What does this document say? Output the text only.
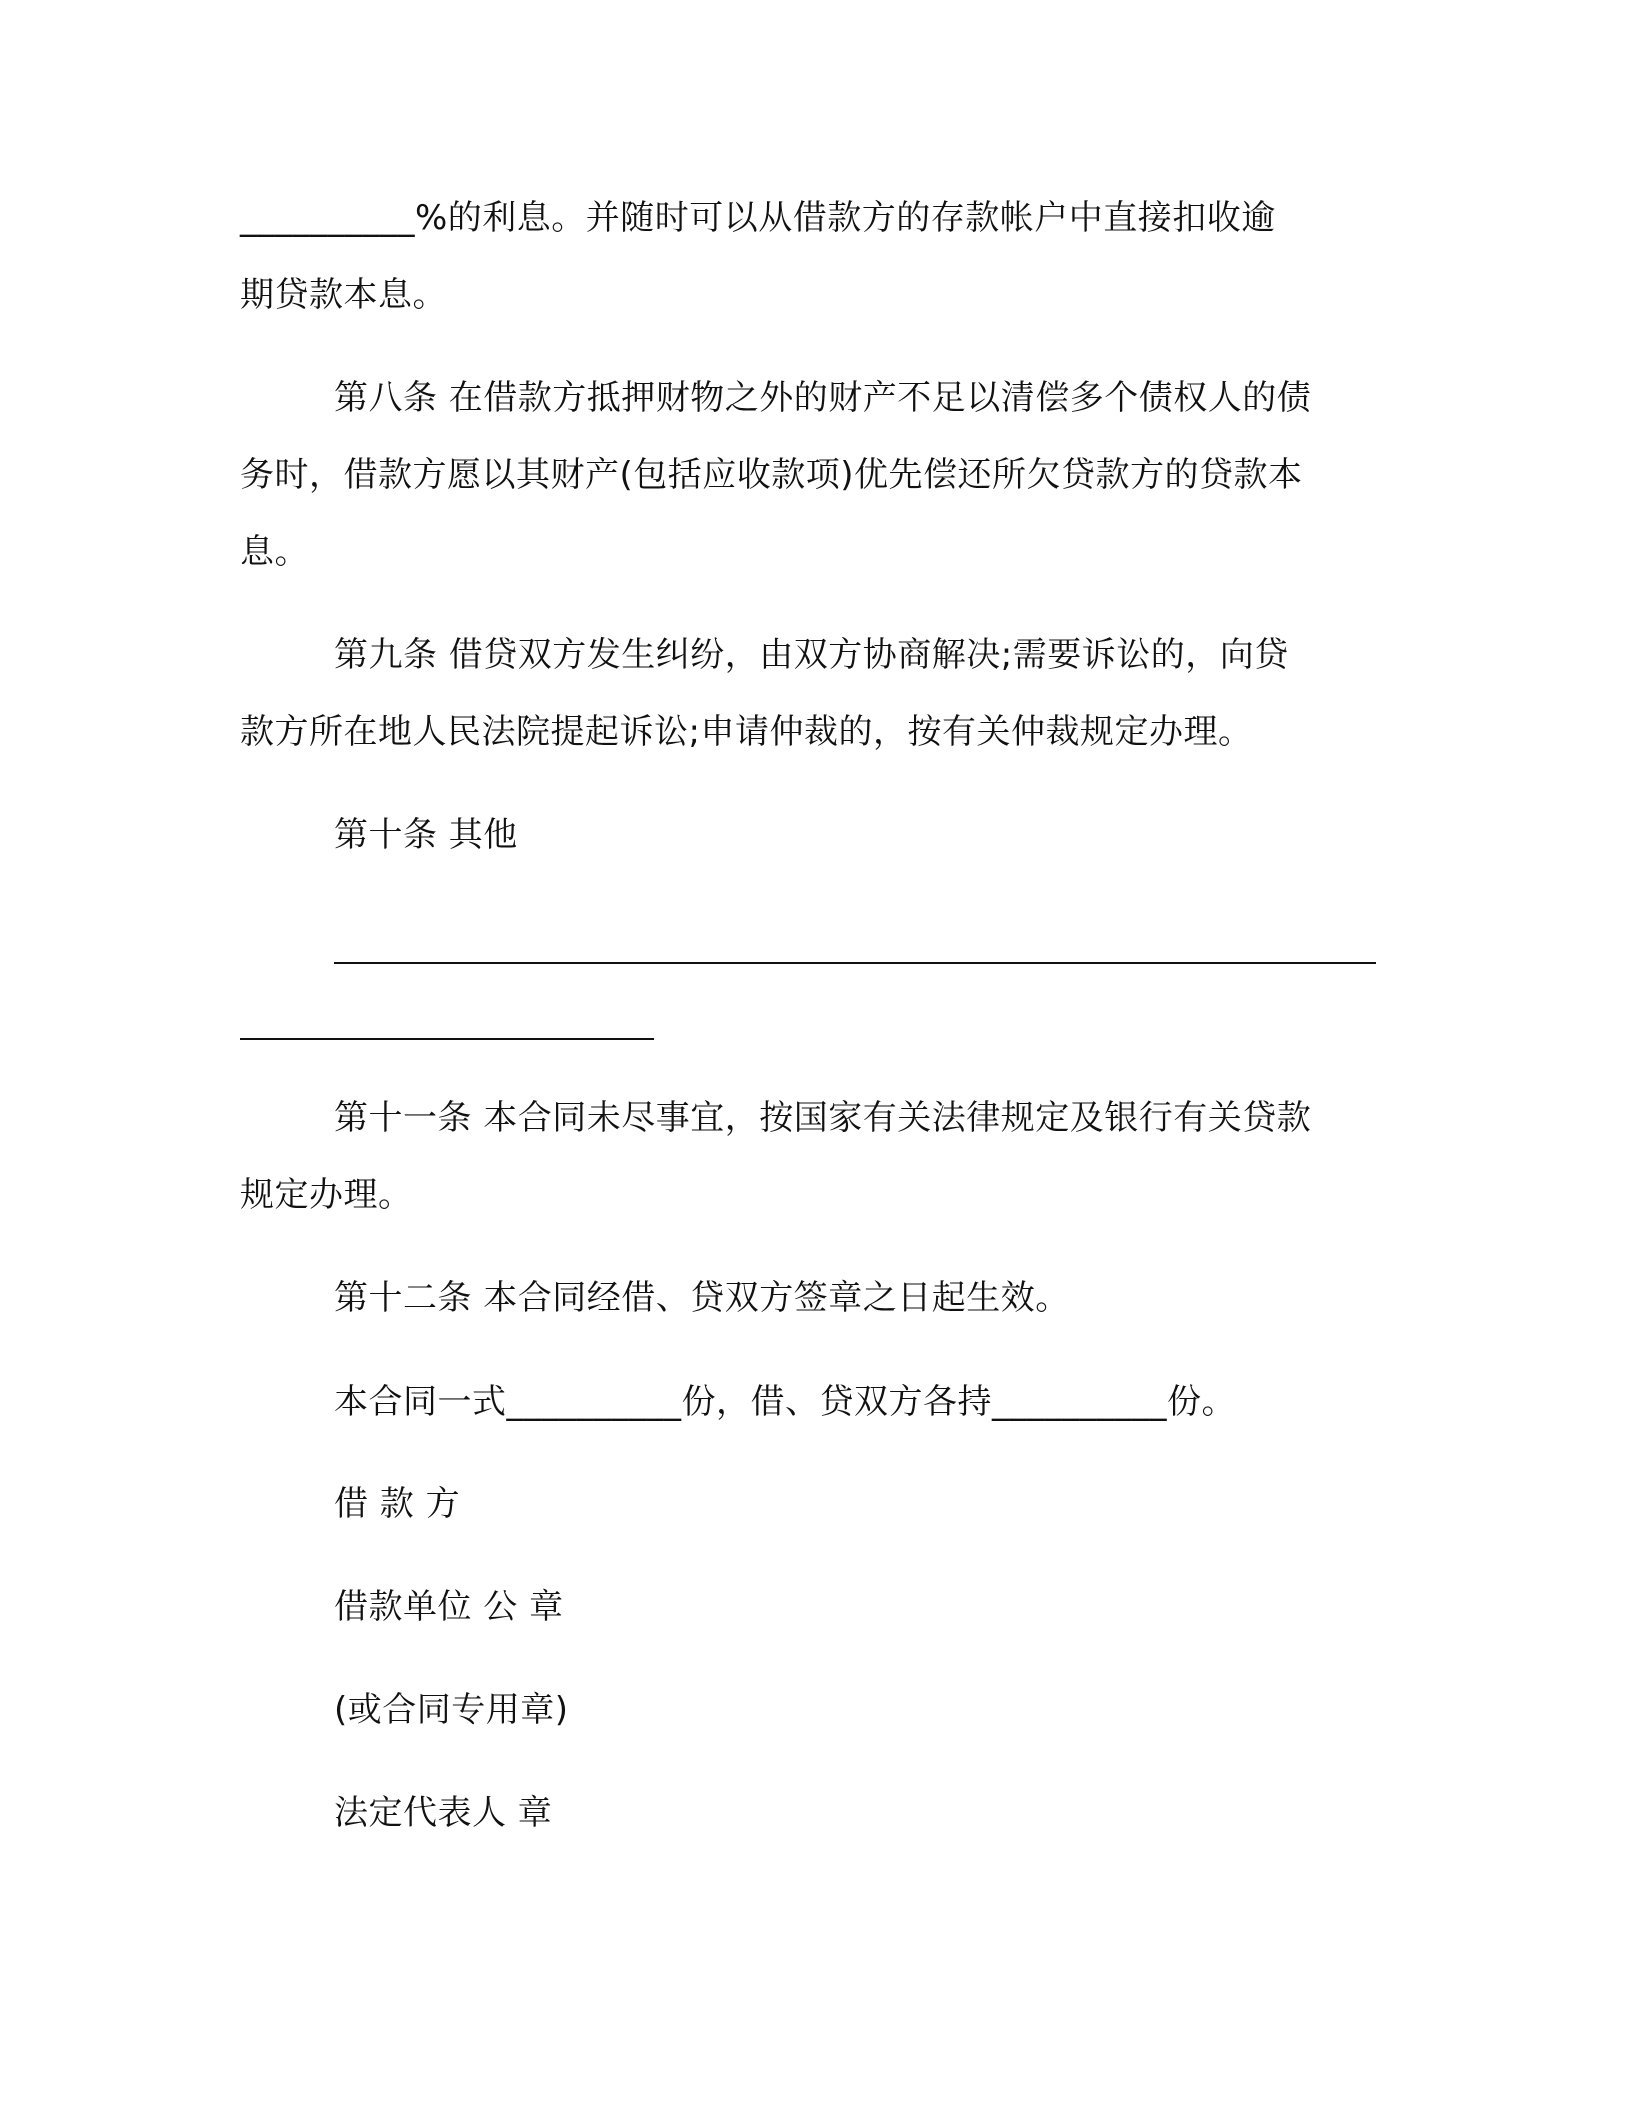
__________%的利息。并随时可以从借款方的存款帐户中直接扣收逾
期贷款本息。
第八条 在借款方抵押财物之外的财产不足以清偿多个债权人的债
务时，借款方愿以其财产(包括应收款项)优先偿还所欠贷款方的贷款本
息。
第九条 借贷双方发生纠纷，由双方协商解决;需要诉讼的，向贷
款方所在地人民法院提起诉讼;申请仲裁的，按有关仲裁规定办理。
第十条 其他
第十一条 本合同未尽事宜，按国家有关法律规定及银行有关贷款
规定办理。
第十二条 本合同经借、贷双方签章之日起生效。
本合同一式__________份，借、贷双方各持__________份。
借 款 方
借款单位 公 章
(或合同专用章)
法定代表人 章
